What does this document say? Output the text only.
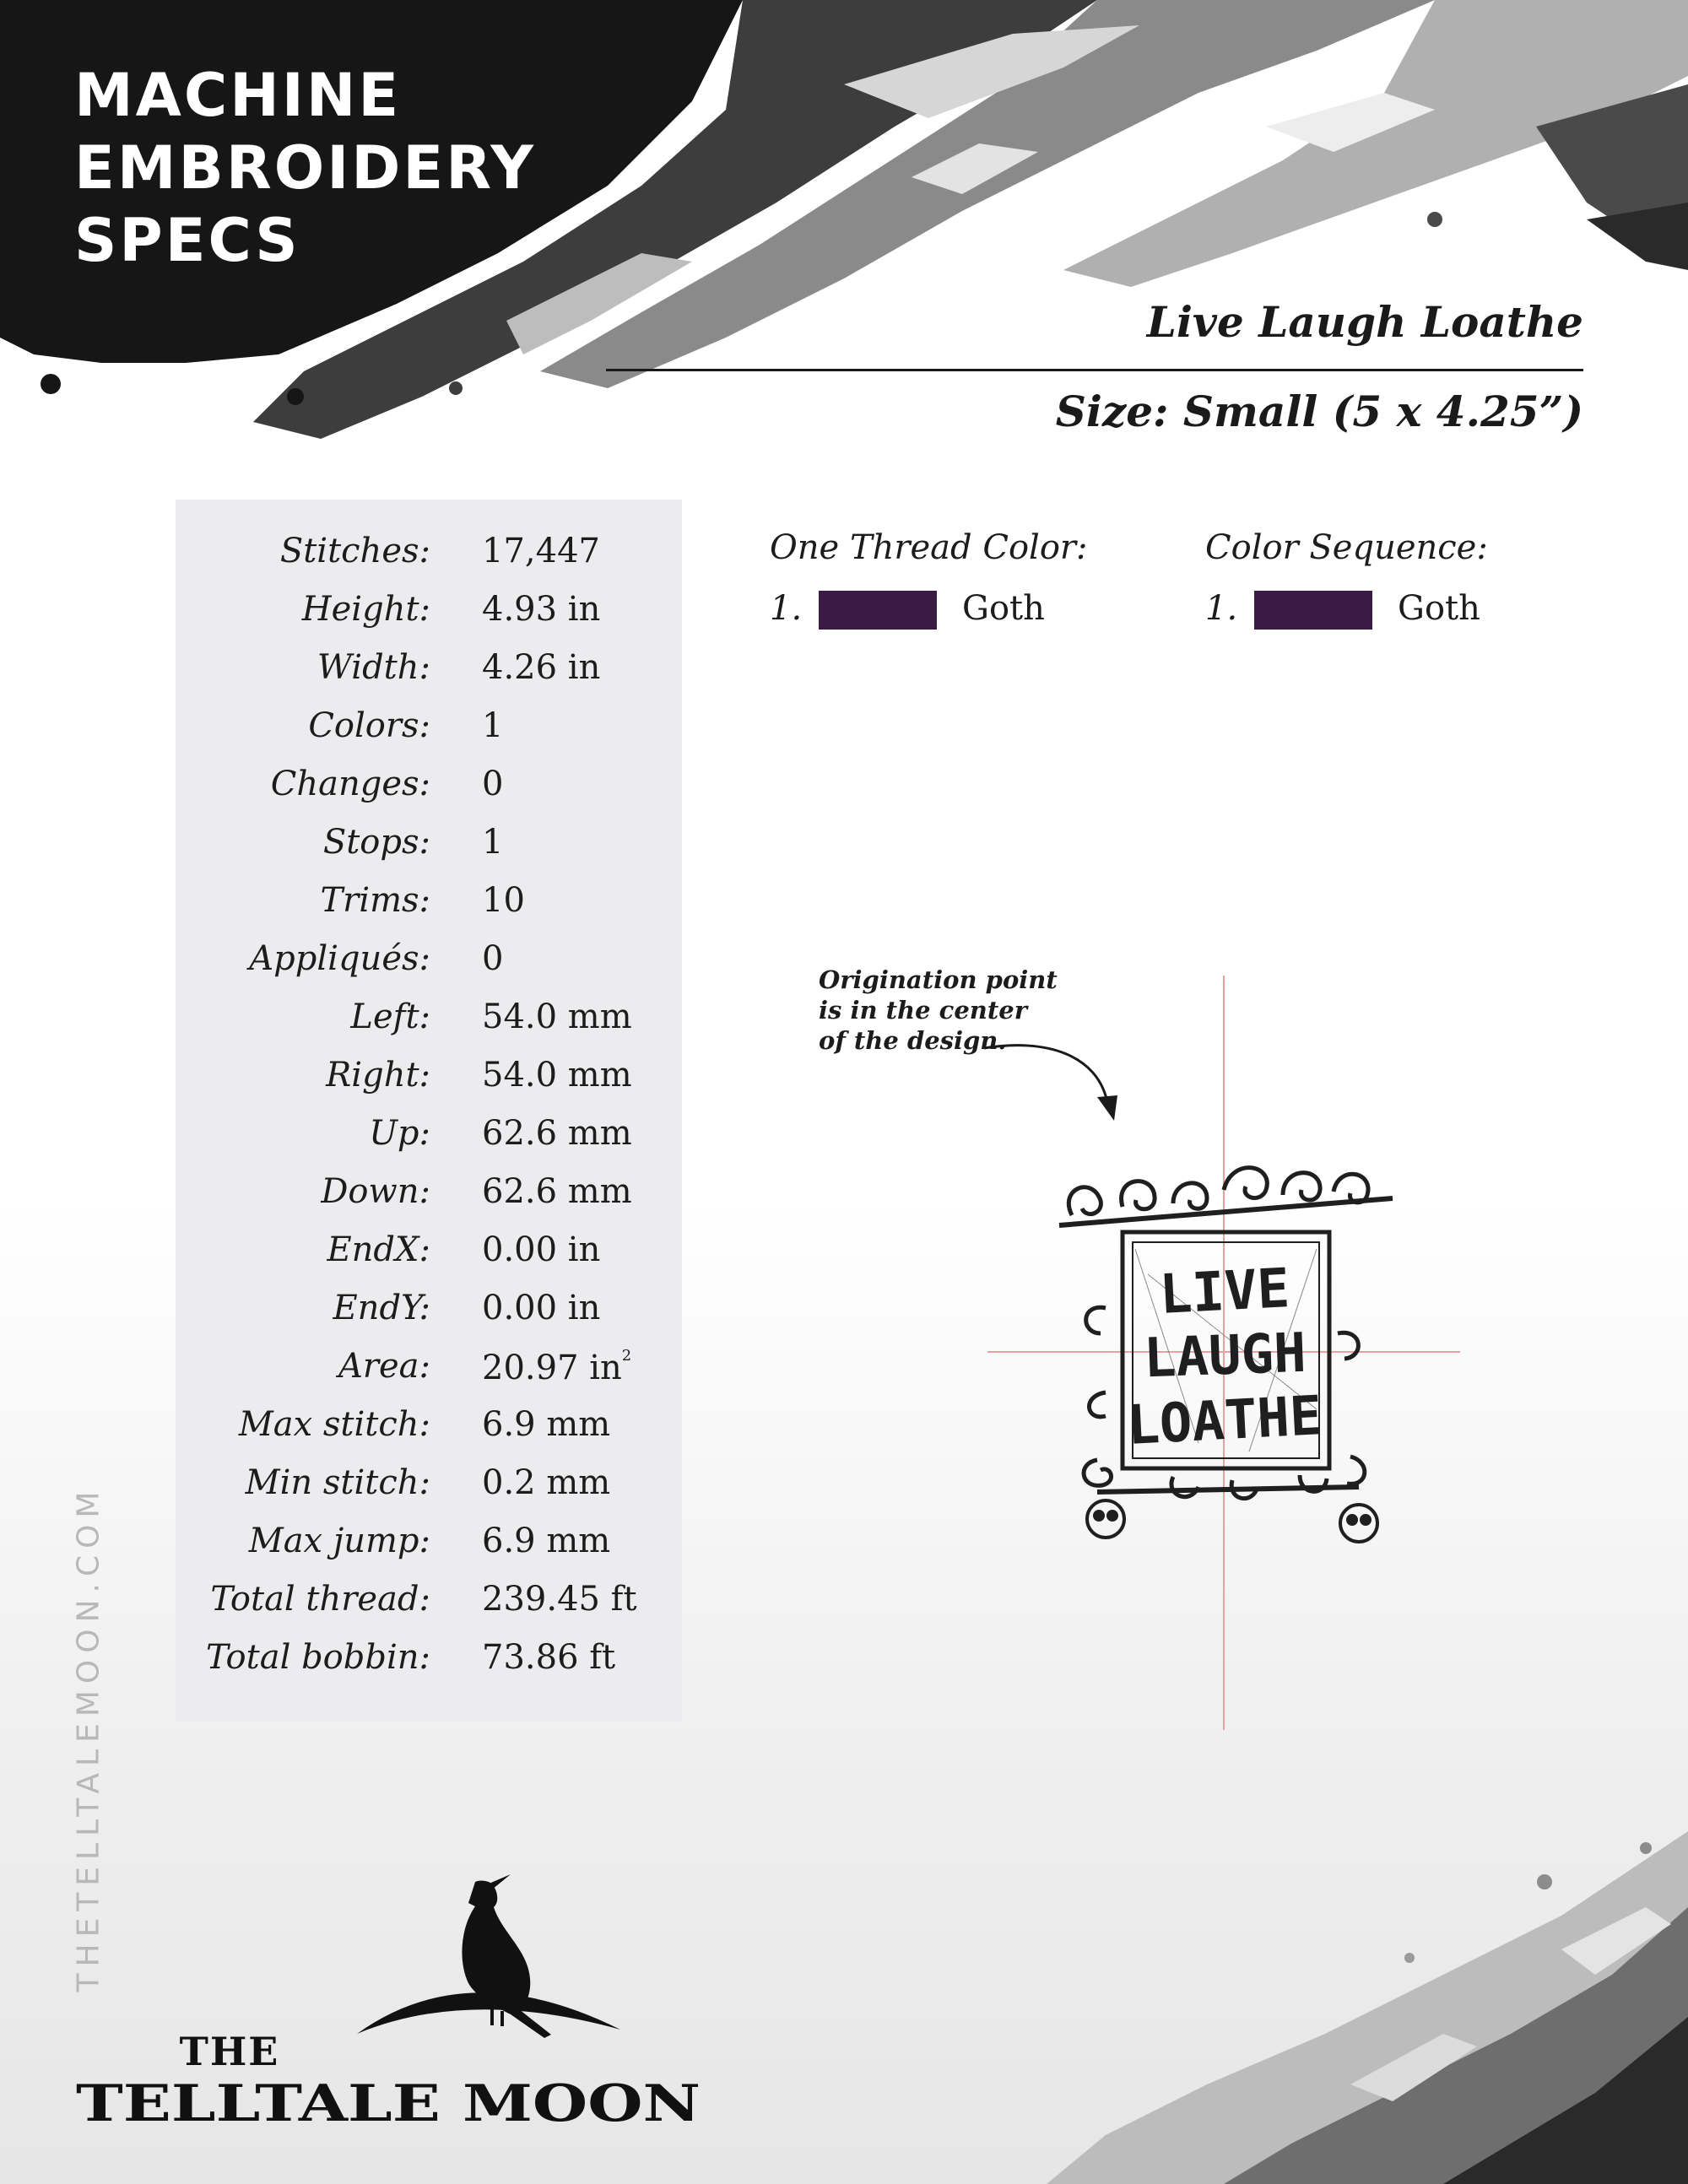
MACHINE
EMBROIDERY
SPECS
Live Laugh Loathe
Size: Small (5 x 4.25”)
Stitches: 17,447
Height: 4.93 in
Width: 4.26 in
Colors: 1
Changes: 0
Stops: 1
Trims: 10
Appliqués: 0
Left: 54.0 mm
Right: 54.0 mm
Up: 62.6 mm
Down: 62.6 mm
EndX: 0.00 in
EndY: 0.00 in
Area: 20.97 $in^2$
Max stitch: 6.9 mm
Min stitch: 0.2 mm
Max jump: 6.9 mm
Total thread: 239.45 ft
Total bobbin: 73.86 ft
One Thread Color:
1.	Goth
Color Sequence:
1.	Goth
Origination point
is in the center
of the design.
LIVE
LAUGH
LOATHE
THETELLTALEMOON.COM
THE
TELLTALE MOON
